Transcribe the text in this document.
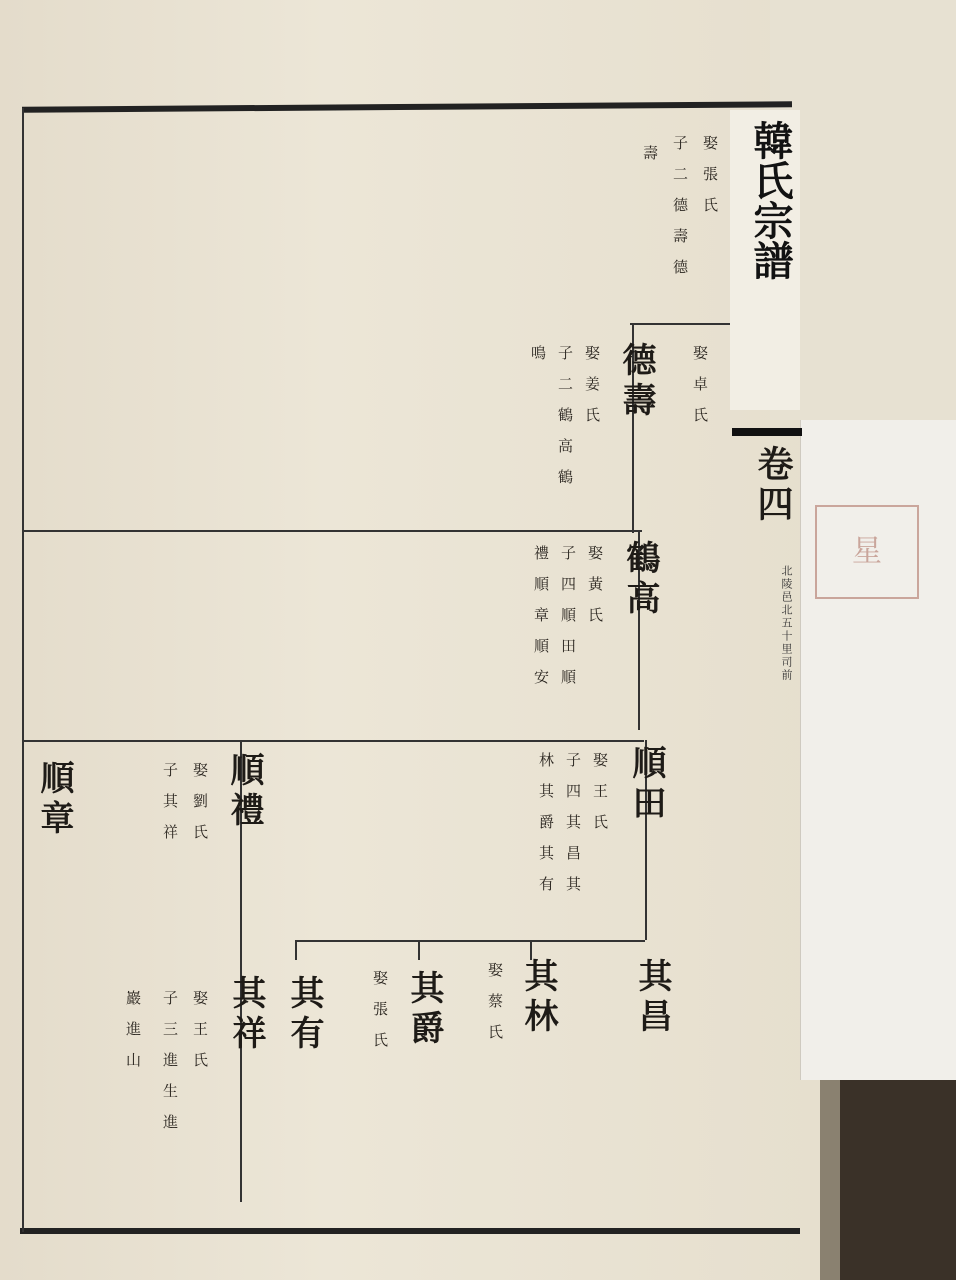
星
韓氏宗譜
卷四
北陵邑北五十里司前
娶張氏
子二德壽德
壽
德壽	娶卓氏
娶姜氏
子二鶴高鶴
鳴
鶴高
娶黃氏
子四順田順
禮順章順安
順田
娶王氏
子四其昌其
林其爵其有
順禮
娶劉氏
子其祥
順章
其昌
其林
娶蔡氏
其爵
娶張氏
其有
其祥
娶王氏
子三進生進
巖進山
